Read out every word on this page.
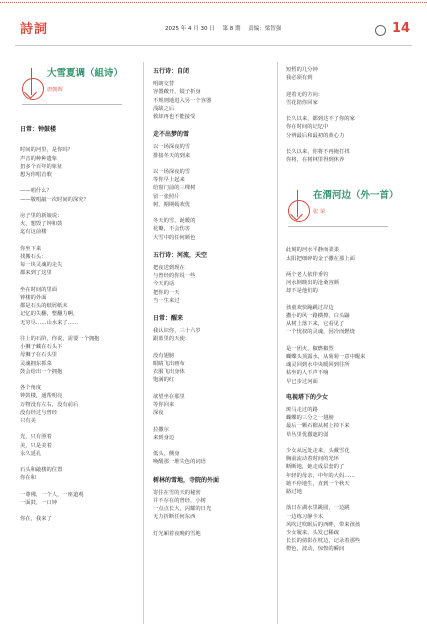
詩詞	2025 年 4 月 30 日 第 8 期 责编：梁智强	14
大雪夏调（組诗）
唐朝晖

日常：钟鼓楼

时间的河里，是你吗？

声音的种种遗象

扭多个百年的象征

想为你唱首歌

——唱什么？

——敬唱敲一次时间的深究？

房子里的新娘说：

火，想毁了钟和鼓

迄有这前楼

你坐下来

找搬石头：

每一块灵魂的走失

都来到了这里

坐在时间的里面

钟楼的外面

都是石头的纸屑纸末

记忆的失翻，整翻力啊，

无穷尽……山水来了……

往上的石阶，你说，需要一个拥抱

小狮子藏在石头下

母狮子在石头里

灵魂拥东抓菜

鼓会给出一个拥抱

各个角度

钟鼓楼，通帮明亮

万物没有左右，没有前后

没有经过与曾经

只有美

光，只有照着

美，只是美着

永久延孔

石头和敲楼的位置

你在和

一尊佛，一个人，一座道观

一面鼓，一口钟

你在，我来了

五行诗：自闭

明朗交替

容器敞开，镜子折身

不规则地进入另一个容器

浅缺之后

救却再也不能接受

走不出梦的雪

以一场深夜的雪

排接冬天的到来

以一场深夜的雪

等你早上起来

给窗门前的三棵树

留一张照片

树，期期嫣欢优

冬天的雪，诞暖的

花瓣，不会伤害

大雪中的任何颜色

五行诗：河流，天空

把夜送到现在

与曾经的你说一些

今天的话

把你的一天

当一生来过

日常：醒来

我认识你，三十六岁

跟蓝里的天使：

没有翅膀

眼睛飞出画布

衣服飞出身体

饱满的红

欲望坐在那里

等你回来

深夜

拉撒尔

来到身边

低头，侧身

唤醒那一堆失色的词语

树林的雪地，寺院的外面

寄住在雪的天的秘密

并不存在的曾经，小树

一点点长大，闪耀的日光

无力折断任何东西

灯光厢着夜晚的雪地

短暂的几分钟

我必须有到

迎着无的方向：

雪花陪你回家

长久以来，都到达不了你的家

你在时间的记忆中

分辨最后和最初的黄心力

长久以来，你将不再掩打找

你将，在树林里得到休养

在渭河边（外一首）
张 荣

此刻的河水平静而柔柔

太阳把细碎的金子撒在那上面

两个老人依伴垂钓

河水倒映出的沧桑容颜

却不是他们的

孩童欢快蹦跳过岸边

撒小的风一路横擦，白头鼬

从树上落下来，它看见了

一个忧叔的灵魂，因冷而燃烧

是一团火，椒燃椒烈

蝴蝶头顶露水，从菊菊一意中醒来

魂灵回到水中央暖回到往所

枯坐的人不声不响

早已步过河面

电视塔下的少女

斑马走过的路

蝴蝶的三分之一翅膀

最后一颗石榴从树上掉下来

草丛里优蠢遮的弱

少女从远处走来，头戴雪花

胸前流动着时间的光环

断断地，她走成层套的了

年轻的母亲，中年的大妈……

她不停地生，直到一个秋天

路过地

落日在湖水里跳圆，一边跳

一边练习静卡木

风吹过吹眠后的西畔，带来孩孩

少女履来，头发已稀疏

长长的倩影在枕边，记录着那些

橙色，波动，惊惶的瞬间
